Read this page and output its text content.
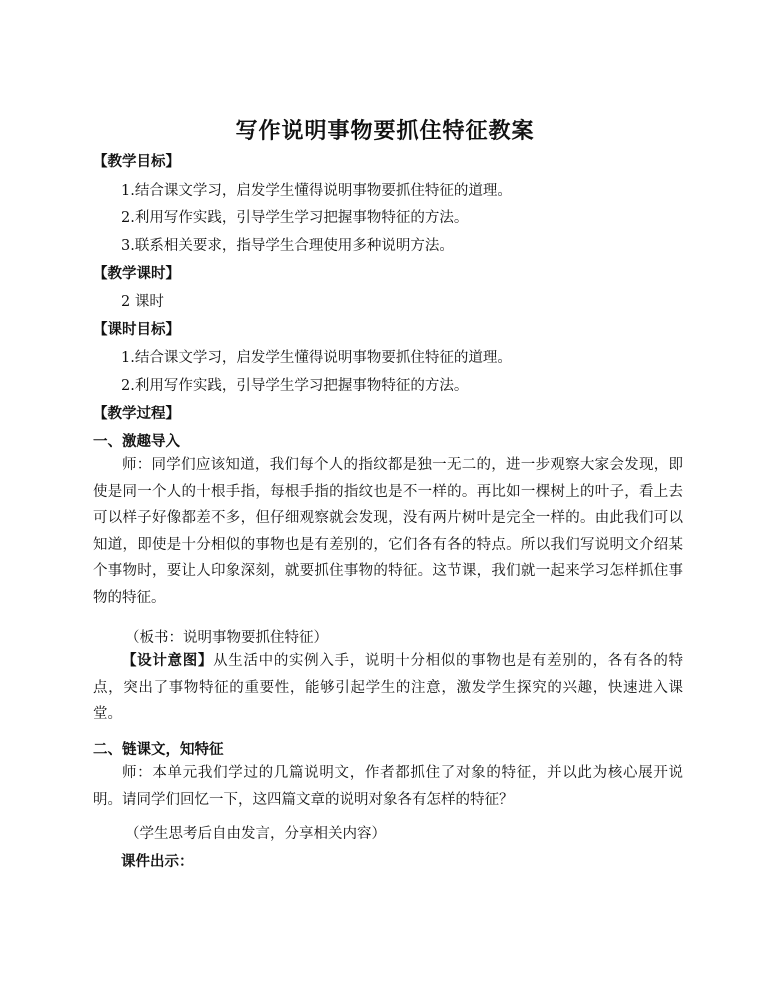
写作说明事物要抓住特征教案
【教学目标】
1.结合课文学习，启发学生懂得说明事物要抓住特征的道理。
2.利用写作实践，引导学生学习把握事物特征的方法。
3.联系相关要求，指导学生合理使用多种说明方法。
【教学课时】
2 课时
【课时目标】
1.结合课文学习，启发学生懂得说明事物要抓住特征的道理。
2.利用写作实践，引导学生学习把握事物特征的方法。
【教学过程】
一、激趣导入
师：同学们应该知道，我们每个人的指纹都是独一无二的，进一步观察大家会发现，即使是同一个人的十根手指，每根手指的指纹也是不一样的。再比如一棵树上的叶子，看上去可以样子好像都差不多，但仔细观察就会发现，没有两片树叶是完全一样的。由此我们可以知道，即使是十分相似的事物也是有差别的，它们各有各的特点。所以我们写说明文介绍某个事物时，要让人印象深刻，就要抓住事物的特征。这节课，我们就一起来学习怎样抓住事物的特征。
（板书：说明事物要抓住特征）
【设计意图】从生活中的实例入手，说明十分相似的事物也是有差别的，各有各的特点，突出了事物特征的重要性，能够引起学生的注意，激发学生探究的兴趣，快速进入课堂。
二、链课文，知特征
师：本单元我们学过的几篇说明文，作者都抓住了对象的特征，并以此为核心展开说明。请同学们回忆一下，这四篇文章的说明对象各有怎样的特征？
（学生思考后自由发言，分享相关内容）
课件出示：
